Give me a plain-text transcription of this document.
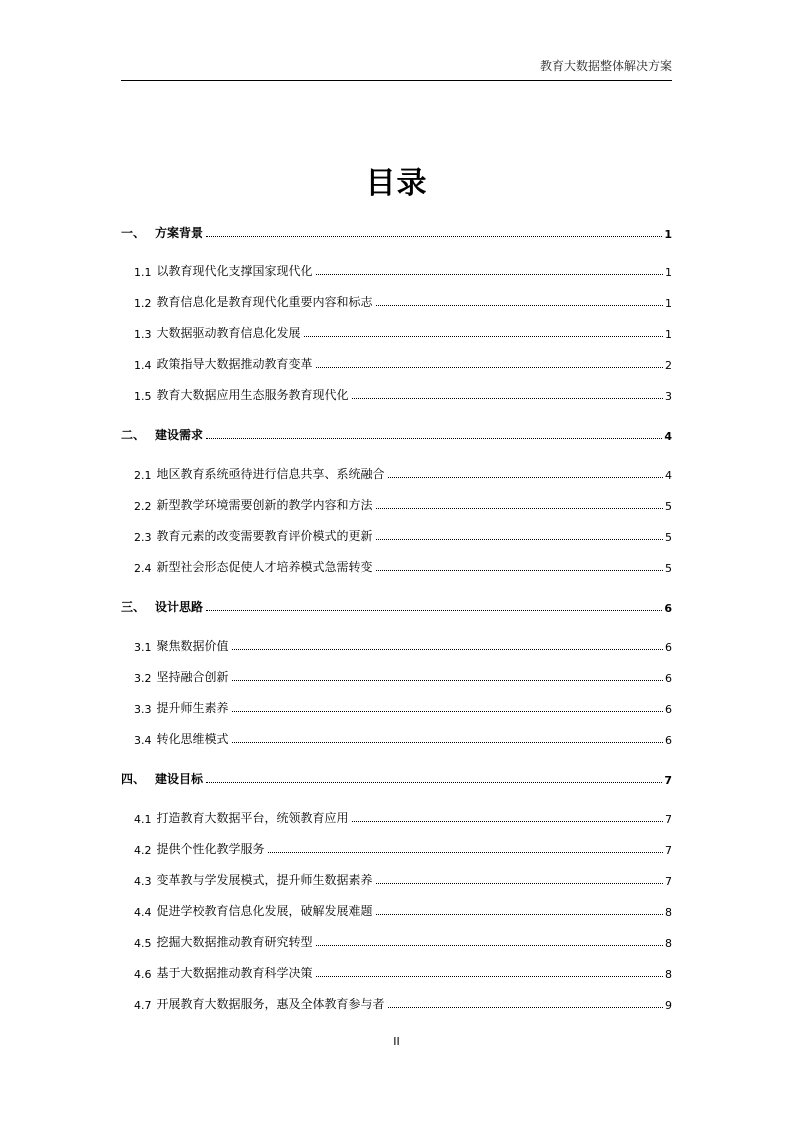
教育大数据整体解决方案
目录
一、 方案背景	1
1.1 以教育现代化支撑国家现代化	1
1.2 教育信息化是教育现代化重要内容和标志	1
1.3 大数据驱动教育信息化发展	1
1.4 政策指导大数据推动教育变革	2
1.5 教育大数据应用生态服务教育现代化	3
二、 建设需求	4
2.1 地区教育系统亟待进行信息共享、系统融合	4
2.2 新型教学环境需要创新的教学内容和方法	5
2.3 教育元素的改变需要教育评价模式的更新	5
2.4 新型社会形态促使人才培养模式急需转变	5
三、 设计思路	6
3.1 聚焦数据价值	6
3.2 坚持融合创新	6
3.3 提升师生素养	6
3.4 转化思维模式	6
四、 建设目标	7
4.1 打造教育大数据平台，统领教育应用	7
4.2 提供个性化教学服务	7
4.3 变革教与学发展模式，提升师生数据素养	7
4.4 促进学校教育信息化发展，破解发展难题	8
4.5 挖掘大数据推动教育研究转型	8
4.6 基于大数据推动教育科学决策	8
4.7 开展教育大数据服务，惠及全体教育参与者	9
II
